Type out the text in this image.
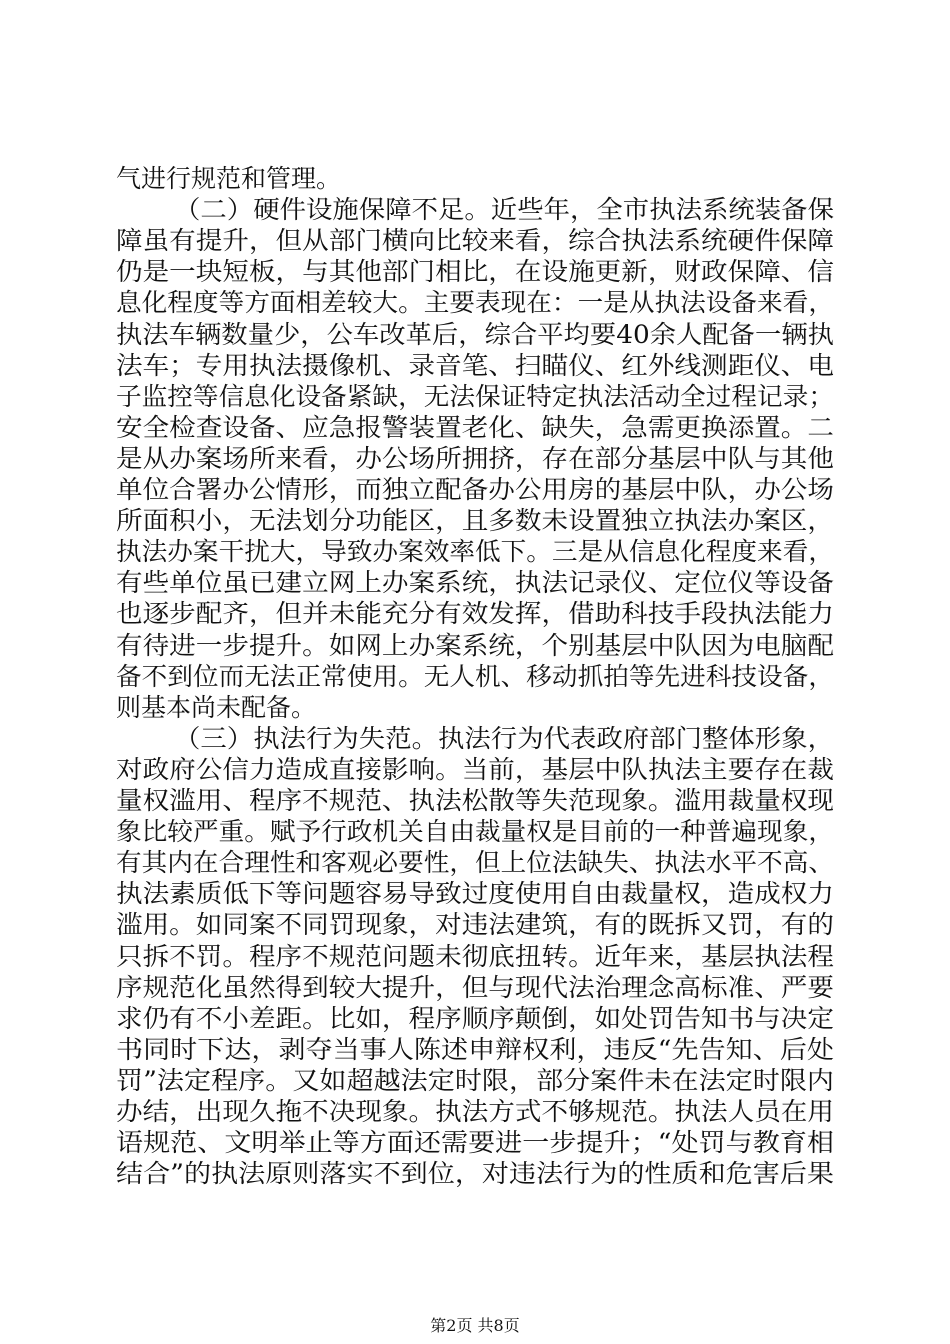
气进行规范和管理。
（二）硬件设施保障不足。近些年，全市执法系统装备保
障虽有提升，但从部门横向比较来看，综合执法系统硬件保障
仍是一块短板，与其他部门相比，在设施更新，财政保障、信
息化程度等方面相差较大。主要表现在：一是从执法设备来看，
执法车辆数量少，公车改革后，综合平均要40余人配备一辆执
法车；专用执法摄像机、录音笔、扫瞄仪、红外线测距仪、电
子监控等信息化设备紧缺，无法保证特定执法活动全过程记录；
安全检查设备、应急报警装置老化、缺失，急需更换添置。二
是从办案场所来看，办公场所拥挤，存在部分基层中队与其他
单位合署办公情形，而独立配备办公用房的基层中队，办公场
所面积小，无法划分功能区，且多数未设置独立执法办案区，
执法办案干扰大，导致办案效率低下。三是从信息化程度来看，
有些单位虽已建立网上办案系统，执法记录仪、定位仪等设备
也逐步配齐，但并未能充分有效发挥，借助科技手段执法能力
有待进一步提升。如网上办案系统，个别基层中队因为电脑配
备不到位而无法正常使用。无人机、移动抓拍等先进科技设备，
则基本尚未配备。
（三）执法行为失范。执法行为代表政府部门整体形象，
对政府公信力造成直接影响。当前，基层中队执法主要存在裁
量权滥用、程序不规范、执法松散等失范现象。滥用裁量权现
象比较严重。赋予行政机关自由裁量权是目前的一种普遍现象，
有其内在合理性和客观必要性，但上位法缺失、执法水平不高、
执法素质低下等问题容易导致过度使用自由裁量权，造成权力
滥用。如同案不同罚现象，对违法建筑，有的既拆又罚，有的
只拆不罚。程序不规范问题未彻底扭转。近年来，基层执法程
序规范化虽然得到较大提升，但与现代法治理念高标准、严要
求仍有不小差距。比如，程序顺序颠倒，如处罚告知书与决定
书同时下达，剥夺当事人陈述申辩权利，违反“先告知、后处
罚”法定程序。又如超越法定时限，部分案件未在法定时限内
办结，出现久拖不决现象。执法方式不够规范。执法人员在用
语规范、文明举止等方面还需要进一步提升；“处罚与教育相
结合”的执法原则落实不到位，对违法行为的性质和危害后果
第2页 共8页
